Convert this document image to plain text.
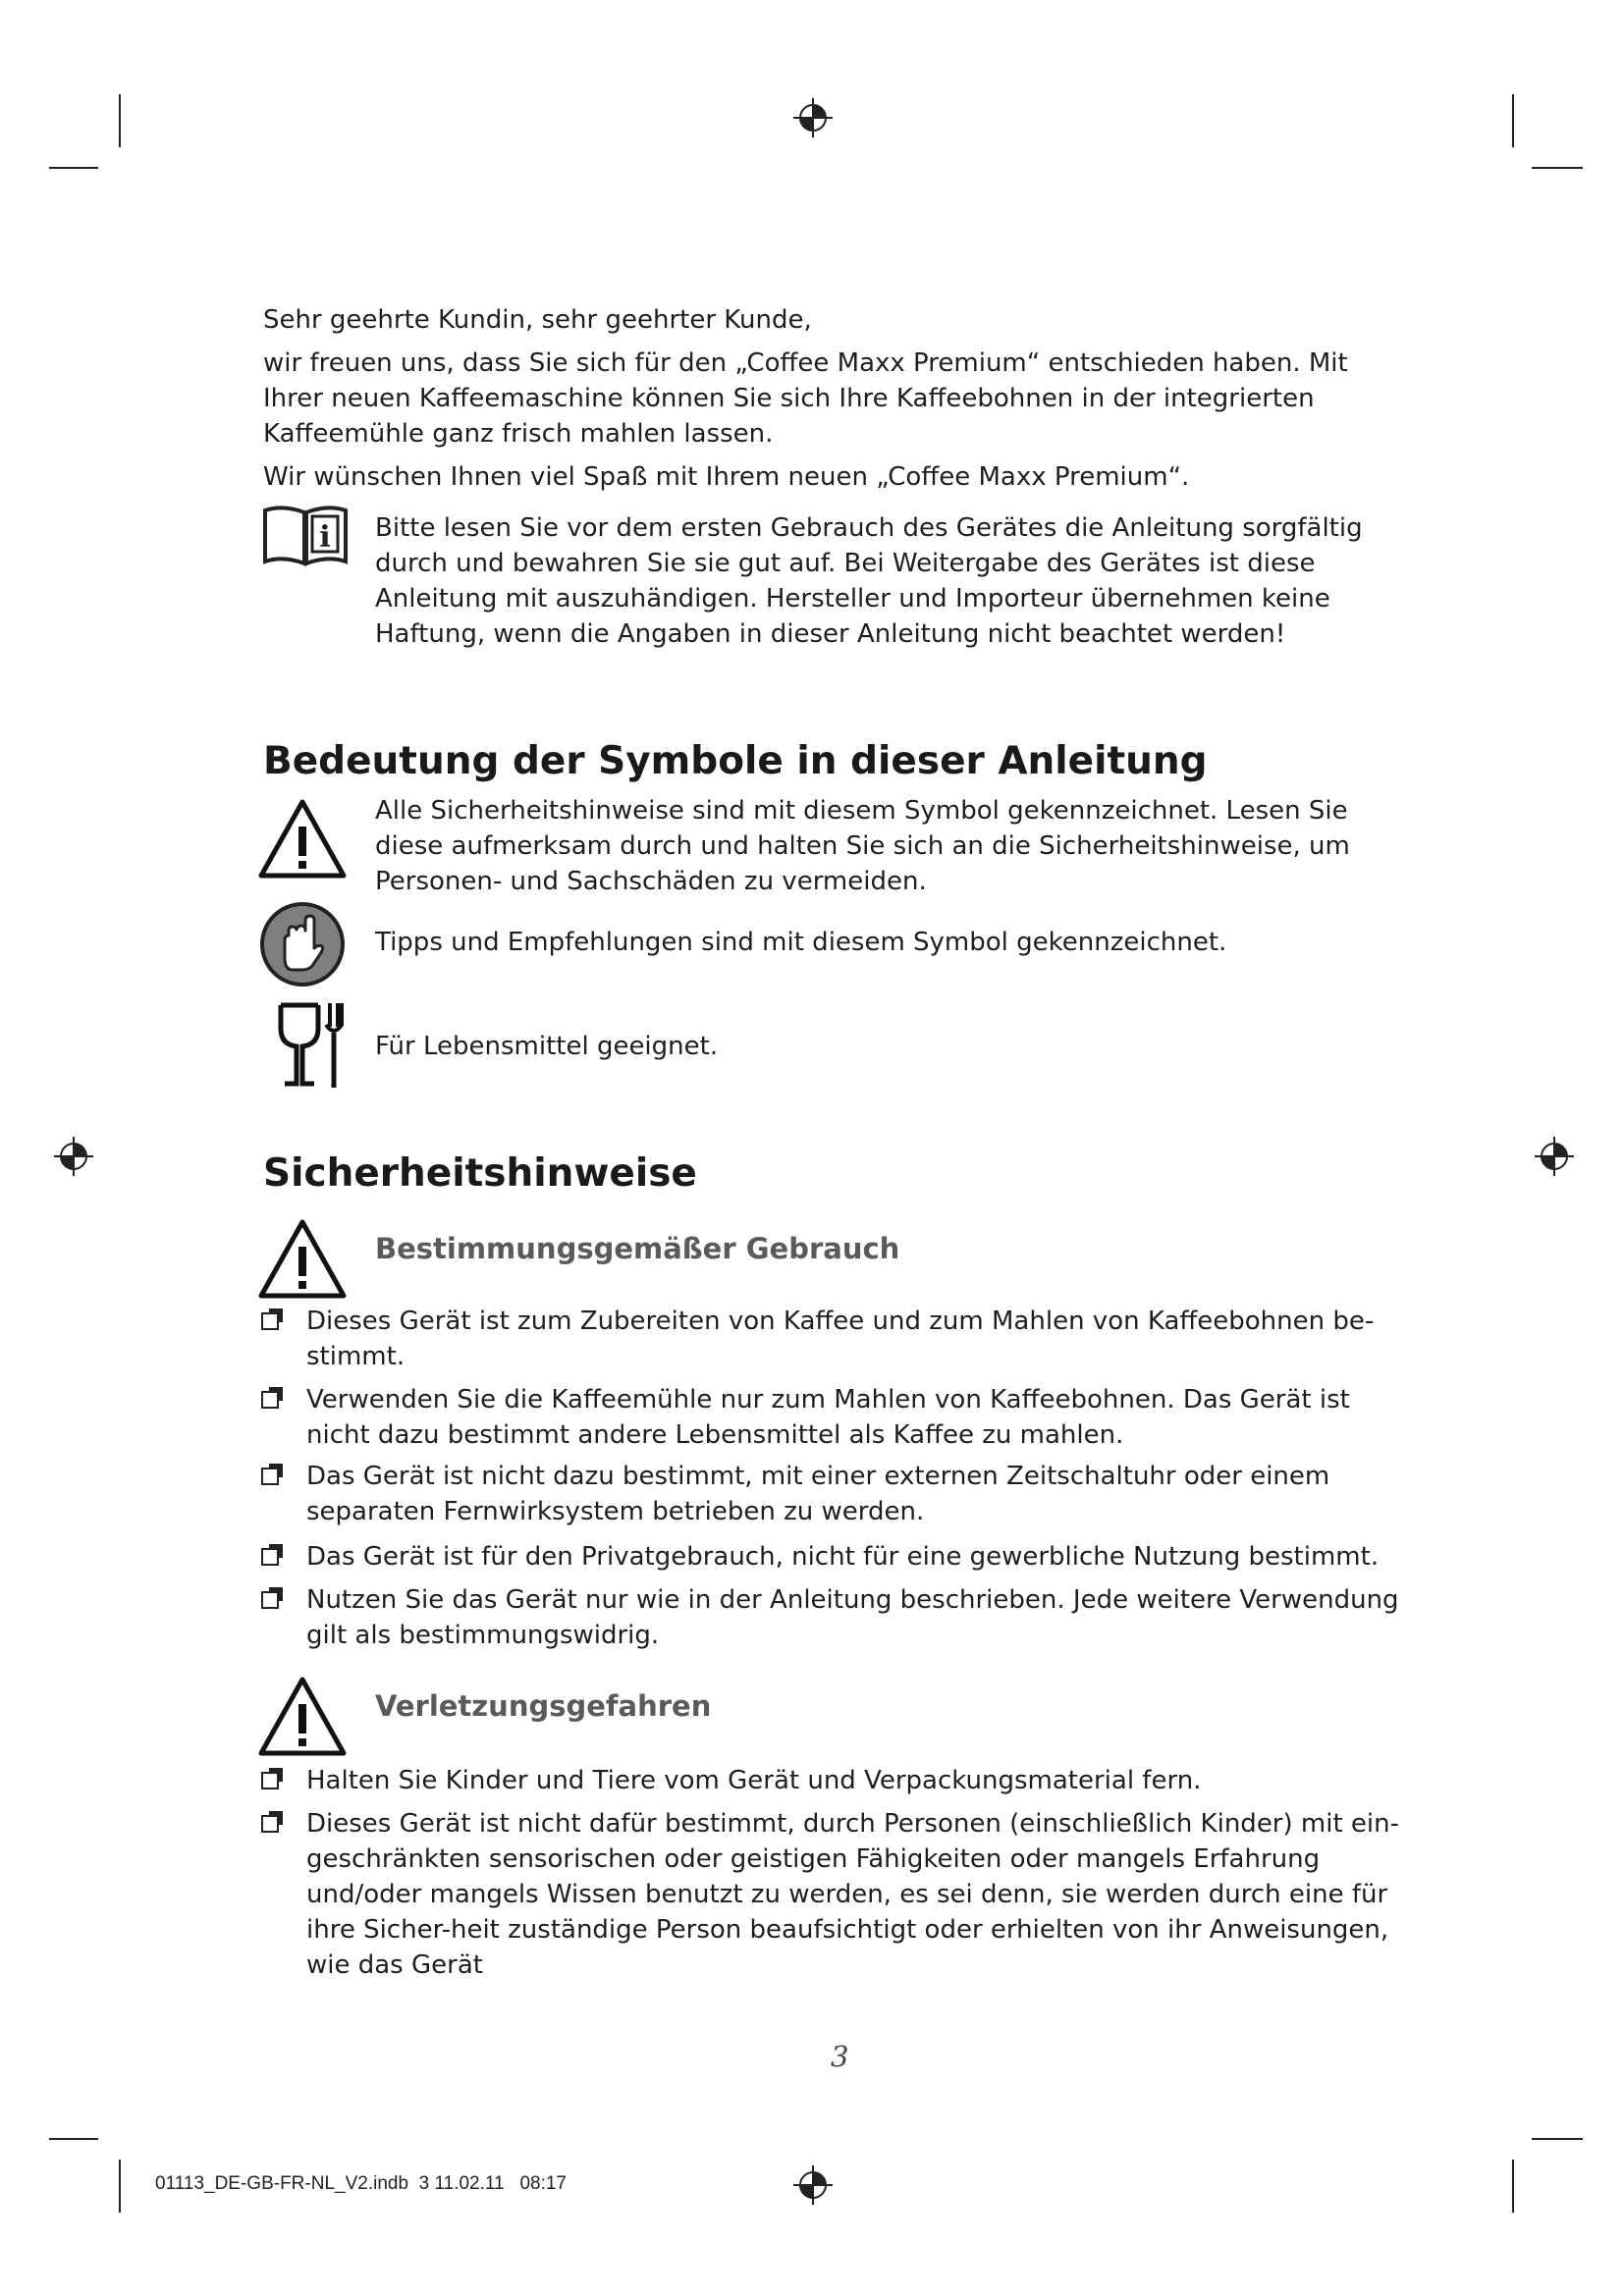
Sehr geehrte Kundin, sehr geehrter Kunde,
wir freuen uns, dass Sie sich für den „Coffee Maxx Premium“ entschieden haben. Mit Ihrer neuen Kaffeemaschine können Sie sich Ihre Kaffeebohnen in der integrierten Kaffeemühle ganz frisch mahlen lassen.
Wir wünschen Ihnen viel Spaß mit Ihrem neuen „Coffee Maxx Premium“.
i Bitte lesen Sie vor dem ersten Gebrauch des Gerätes die Anleitung sorgfältig durch und bewahren Sie sie gut auf. Bei Weitergabe des Gerätes ist diese Anleitung mit auszuhändigen. Hersteller und Importeur übernehmen keine Haftung, wenn die Angaben in dieser Anleitung nicht beachtet werden!
Bedeutung der Symbole in dieser Anleitung
Alle Sicherheitshinweise sind mit diesem Symbol gekennzeichnet. Lesen Sie diese aufmerksam durch und halten Sie sich an die Sicherheitshinweise, um Personen- und Sachschäden zu vermeiden.
Tipps und Empfehlungen sind mit diesem Symbol gekennzeichnet.
Für Lebensmittel geeignet.
Sicherheitshinweise
Bestimmungsgemäßer Gebrauch
Dieses Gerät ist zum Zubereiten von Kaffee und zum Mahlen von Kaffeebohnen be-stimmt.
Verwenden Sie die Kaffeemühle nur zum Mahlen von Kaffeebohnen. Das Gerät ist nicht dazu bestimmt andere Lebensmittel als Kaffee zu mahlen.
Das Gerät ist nicht dazu bestimmt, mit einer externen Zeitschaltuhr oder einem separaten Fernwirksystem betrieben zu werden.
Das Gerät ist für den Privatgebrauch, nicht für eine gewerbliche Nutzung bestimmt.
Nutzen Sie das Gerät nur wie in der Anleitung beschrieben. Jede weitere Verwendung gilt als bestimmungswidrig.
Verletzungsgefahren
Halten Sie Kinder und Tiere vom Gerät und Verpackungsmaterial fern.
Dieses Gerät ist nicht dafür bestimmt, durch Personen (einschließlich Kinder) mit ein-geschränkten sensorischen oder geistigen Fähigkeiten oder mangels Erfahrung und/oder mangels Wissen benutzt zu werden, es sei denn, sie werden durch eine für ihre Sicher-heit zuständige Person beaufsichtigt oder erhielten von ihr Anweisungen, wie das Gerät
3
01113_DE-GB-FR-NL_V2.indb 3 11.02.11 08:17
